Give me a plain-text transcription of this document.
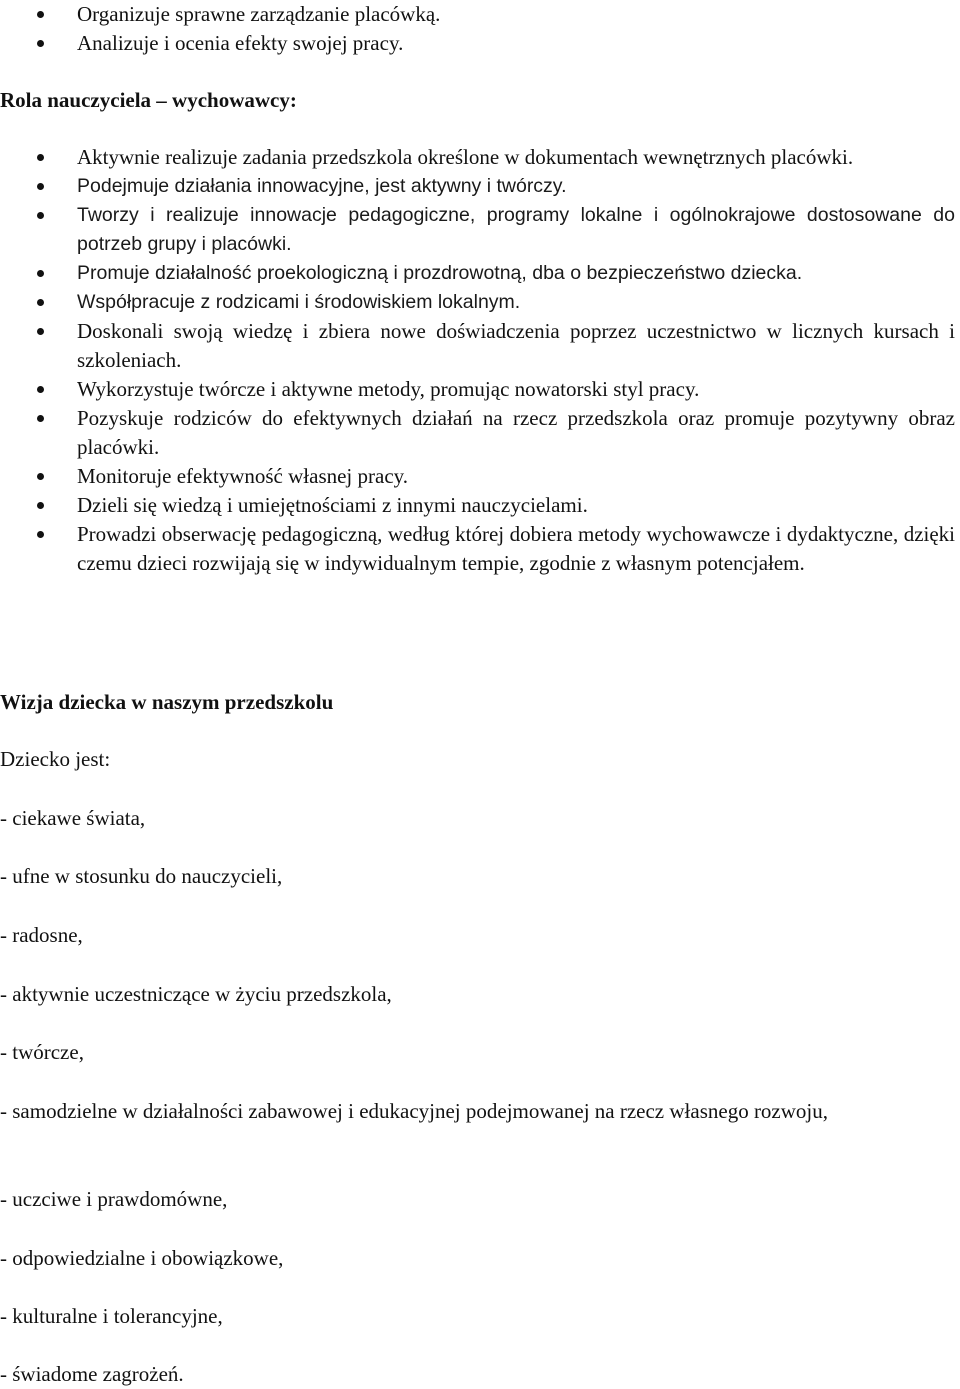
Organizuje sprawne zarządzanie placówką.
Analizuje i ocenia efekty swojej pracy.
Rola nauczyciela – wychowawcy:
Aktywnie realizuje zadania przedszkola określone w dokumentach wewnętrznych placówki.
Podejmuje działania innowacyjne, jest aktywny i twórczy.
Tworzy i realizuje innowacje pedagogiczne, programy lokalne i ogólnokrajowe dostosowane do potrzeb grupy i placówki.
Promuje działalność proekologiczną i prozdrowotną, dba o bezpieczeństwo dziecka.
Współpracuje z rodzicami i środowiskiem lokalnym.
Doskonali swoją wiedzę i zbiera nowe doświadczenia poprzez uczestnictwo w licznych kursach i szkoleniach.
Wykorzystuje twórcze i aktywne metody, promując nowatorski styl pracy.
Pozyskuje rodziców do efektywnych działań na rzecz przedszkola oraz promuje pozytywny obraz placówki.
Monitoruje efektywność własnej pracy.
Dzieli się wiedzą i umiejętnościami z innymi nauczycielami.
Prowadzi obserwację pedagogiczną, według której dobiera metody wychowawcze i dydaktyczne, dzięki czemu dzieci rozwijają się w indywidualnym tempie, zgodnie z własnym potencjałem.
Wizja dziecka w naszym przedszkolu

Dziecko jest:

- ciekawe świata,

- ufne w stosunku do nauczycieli,

- radosne,

- aktywnie uczestniczące w życiu przedszkola,

- twórcze,

- samodzielne w działalności zabawowej i edukacyjnej podejmowanej na rzecz własnego rozwoju,

- uczciwe i prawdomówne,

- odpowiedzialne i obowiązkowe,

- kulturalne i tolerancyjne,

- świadome zagrożeń.
